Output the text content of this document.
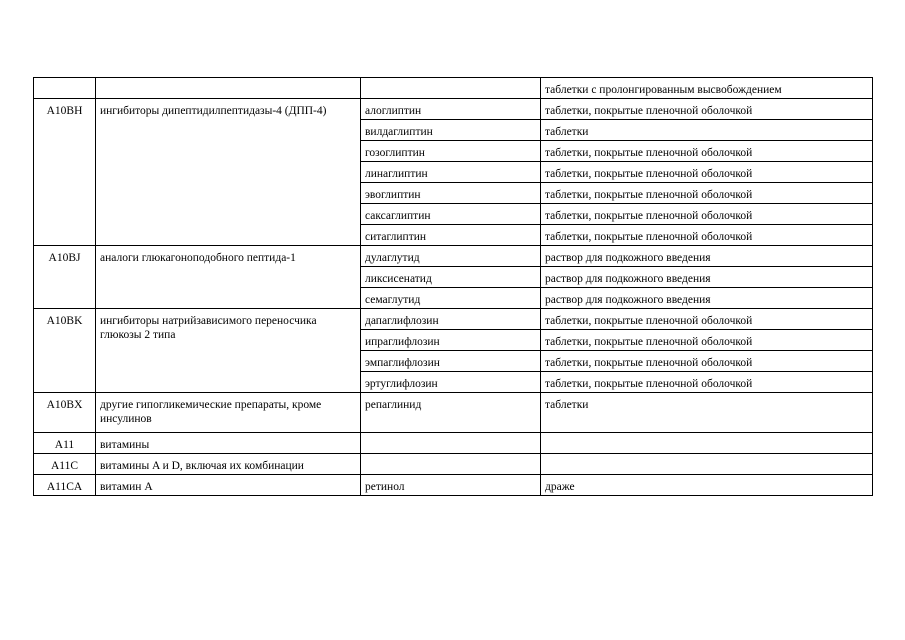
			таблетки с пролонгированным высвобождением
A10BH	ингибиторы дипептидилпептидазы-4 (ДПП-4)	алоглиптин	таблетки, покрытые пленочной оболочкой
		вилдаглиптин	таблетки
		гозоглиптин	таблетки, покрытые пленочной оболочкой
		линаглиптин	таблетки, покрытые пленочной оболочкой
		эвоглиптин	таблетки, покрытые пленочной оболочкой
		саксаглиптин	таблетки, покрытые пленочной оболочкой
		ситаглиптин	таблетки, покрытые пленочной оболочкой
A10BJ	аналоги глюкагоноподобного пептида-1	дулаглутид	раствор для подкожного введения
		ликсисенатид	раствор для подкожного введения
		семаглутид	раствор для подкожного введения
A10BK	ингибиторы натрийзависимого переносчика глюкозы 2 типа	дапаглифлозин	таблетки, покрытые пленочной оболочкой
		ипраглифлозин	таблетки, покрытые пленочной оболочкой
		эмпаглифлозин	таблетки, покрытые пленочной оболочкой
		эртуглифлозин	таблетки, покрытые пленочной оболочкой
A10BX	другие гипогликемические препараты, кроме инсулинов	репаглинид	таблетки
A11	витамины		
A11C	витамины A и D, включая их комбинации		
A11CA	витамин A	ретинол	драже
